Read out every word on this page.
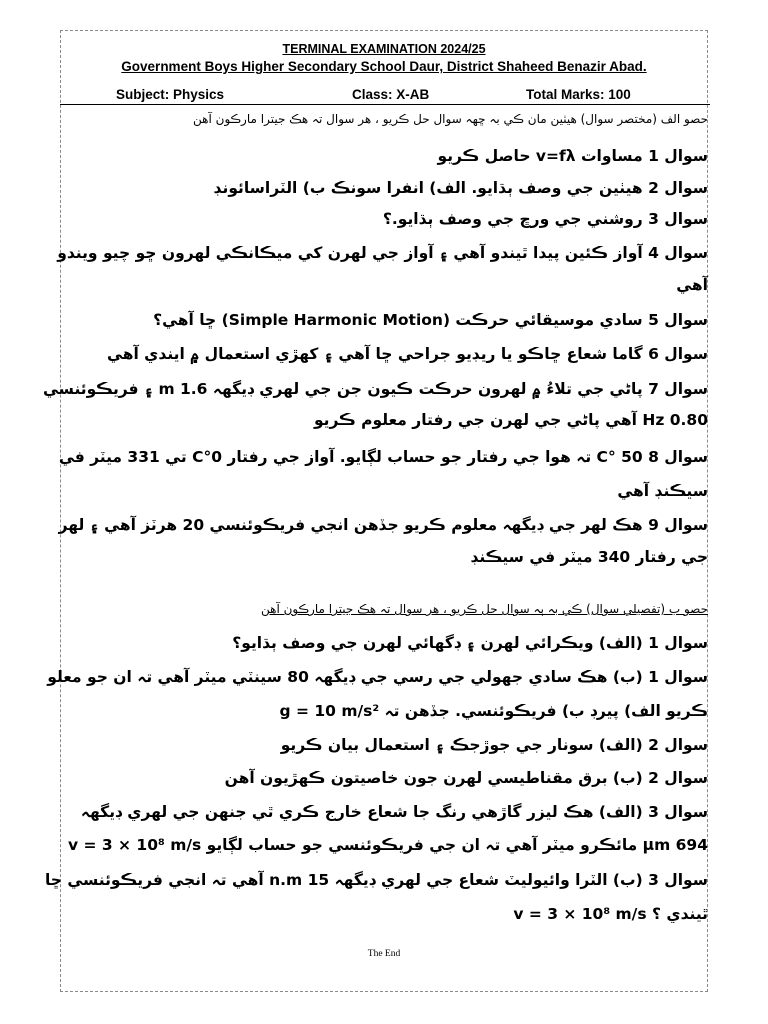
TERMINAL EXAMINATION 2024/25
Government Boys Higher Secondary School Daur, District Shaheed Benazir Abad.
Subject: Physics	Class: X-AB	Total Marks: 100
حصو الف (مختصر سوال) هيٺين مان ڪي بہ ڇهہ سوال حل ڪريو ، هر سوال تہ هڪ جيترا مارڪون آهن
سوال 1 مساوات v=fλ حاصل ڪريو
سوال 2 هيٺين جي وصف ٻڌايو. الف) انفرا سونڪ ب) الٽراسائونڊ
سوال 3 روشني جي ورڇ جي وصف ٻڌايو.؟
سوال 4 آواز ڪئين پيدا ٿيندو آهي ۽ آواز جي لهرن کي ميڪانڪي لهرون ڇو چيو ويندو
آهي
سوال 5 سادي موسيقائي حرڪت (Simple Harmonic Motion) ڇا آهي؟
سوال 6 گاما شعاع ڇاڪو يا ريڊيو جراحي ڇا آهي ۽ کهڙي استعمال ۾ ايندي آهي
سوال 7 پاڻي جي تلاءُ ۾ لهرون حرڪت ڪيون جن جي لهري ڊيگهہ 1.6 m ۽ فريڪوئنسي
0.80 Hz آهي پاڻي جي لهرن جي رفتار معلوم ڪريو
سوال 8 50 °C تہ هوا جي رفتار جو حساب لڳايو. آواز جي رفتار 0°C تي 331 ميٽر في
سيڪنڊ آهي
سوال 9 هڪ لهر جي ڊيگهہ معلوم ڪريو جڏهن انجي فريڪوئنسي 20 هرٽز آهي ۽ لهر
جي رفتار 340 ميٽر في سيڪنڊ
حصو ب (تفصيلي سوال) ڪي بہ ٻہ سوال حل ڪريو ، هر سوال تہ هڪ جيترا مارڪون آهن
سوال 1 (الف) ويڪرائي لهرن ۽ ڊگهائي لهرن جي وصف ٻڌايو؟
سوال 1 (ب) هڪ سادي جهولي جي رسي جي ڊيگهہ 80 سينٽي ميٽر آهي تہ ان جو معلو
ڪريو الف) پيرڊ ب) فريڪوئنسي. جڏهن تہ g = 10 m/s²
سوال 2 (الف) سونار جي جوڙجڪ ۽ استعمال بيان ڪريو
سوال 2 (ب) برق مقناطيسي لهرن جون خاصيتون ڪهڙيون آهن
سوال 3 (الف) هڪ ليزر گاڙهي رنگ جا شعاع خارج ڪري ٿي جنهن جي لهري ڊيگهہ
694 μm مائڪرو ميٽر آهي تہ ان جي فريڪوئنسي جو حساب لڳايو v = 3 × 10⁸ m/s
سوال 3 (ب) الٽرا وائيوليٽ شعاع جي لهري ڊيگهہ 15 n.m آهي تہ انجي فريڪوئنسي ڇا
ٿيندي ؟ v = 3 × 10⁸ m/s
The End
